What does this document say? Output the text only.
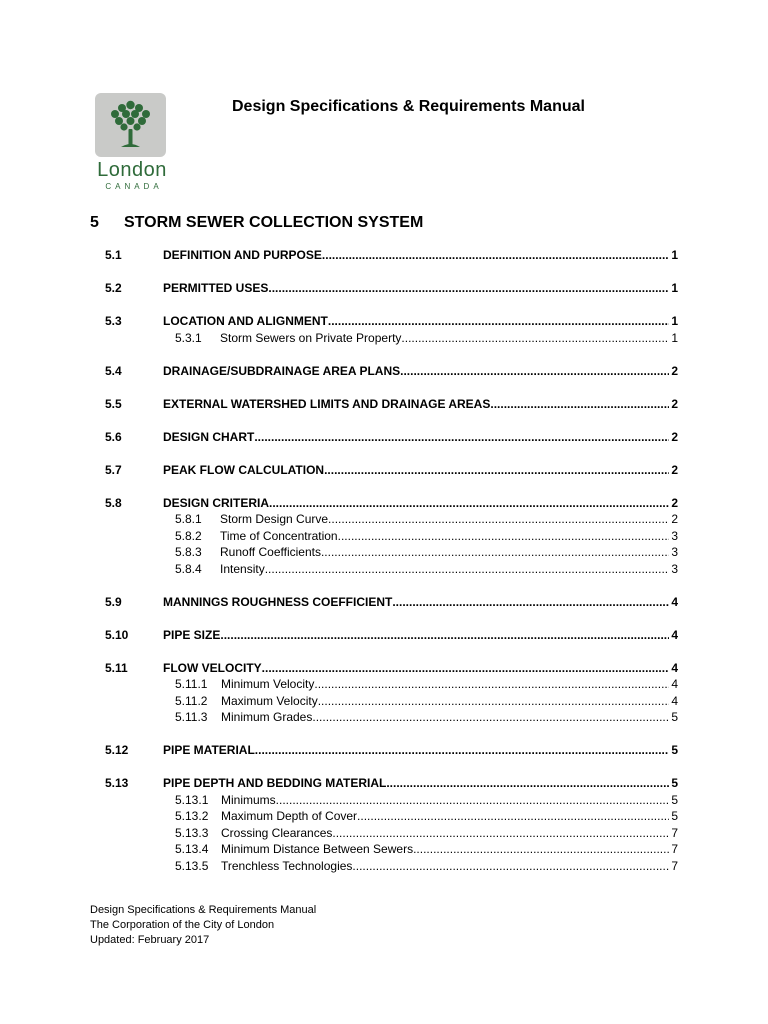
London
CANADA
Design Specifications & Requirements Manual
5 STORM SEWER COLLECTION SYSTEM
5.1	DEFINITION AND PURPOSE .....	1
5.2	PERMITTED USES .....	1
5.3	LOCATION AND ALIGNMENT .....	1
5.3.1	Storm Sewers on Private Property .....	1
5.4	DRAINAGE/SUBDRAINAGE AREA PLANS .....	2
5.5	EXTERNAL WATERSHED LIMITS AND DRAINAGE AREAS .....	2
5.6	DESIGN CHART .....	2
5.7	PEAK FLOW CALCULATION .....	2
5.8	DESIGN CRITERIA .....	2
5.8.1	Storm Design Curve .....	2
5.8.2	Time of Concentration .....	3
5.8.3	Runoff Coefficients .....	3
5.8.4	Intensity .....	3
5.9	MANNINGS ROUGHNESS COEFFICIENT .....	4
5.10	PIPE SIZE .....	4
5.11	FLOW VELOCITY .....	4
5.11.1	Minimum Velocity .....	4
5.11.2	Maximum Velocity .....	4
5.11.3	Minimum Grades .....	5
5.12	PIPE MATERIAL .....	5
5.13	PIPE DEPTH AND BEDDING MATERIAL .....	5
5.13.1	Minimums .....	5
5.13.2	Maximum Depth of Cover .....	5
5.13.3	Crossing Clearances .....	7
5.13.4	Minimum Distance Between Sewers .....	7
5.13.5	Trenchless Technologies .....	7
Design Specifications & Requirements Manual
The Corporation of the City of London
Updated: February 2017
